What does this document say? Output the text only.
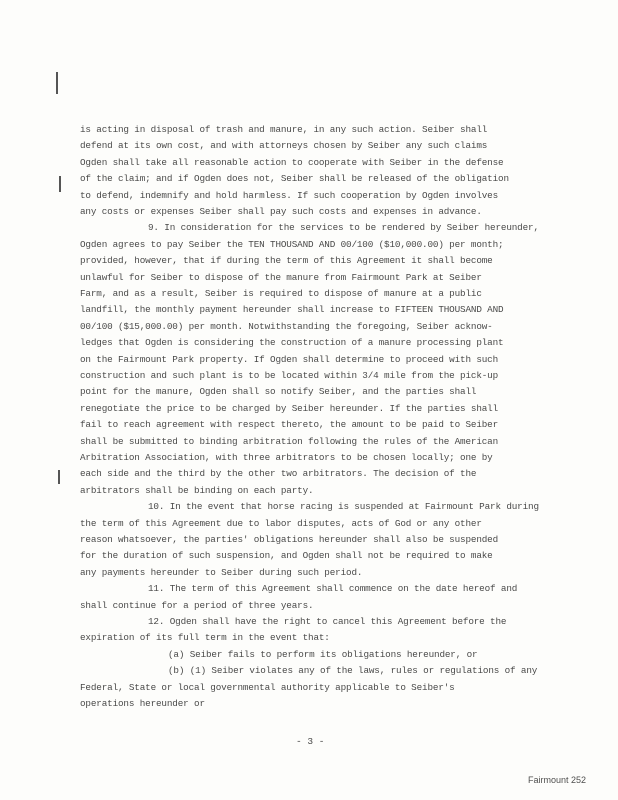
is acting in disposal of trash and manure, in any such action. Seiber shall
defend at its own cost, and with attorneys chosen by Seiber any such claims
Ogden shall take all reasonable action to cooperate with Seiber in the defense
of the claim; and if Ogden does not, Seiber shall be released of the obligation
to defend, indemnify and hold harmless. If such cooperation by Ogden involves
any costs or expenses Seiber shall pay such costs and expenses in advance.
9. In consideration for the services to be rendered by Seiber hereunder,
Ogden agrees to pay Seiber the TEN THOUSAND AND 00/100 ($10,000.00) per month;
provided, however, that if during the term of this Agreement it shall become
unlawful for Seiber to dispose of the manure from Fairmount Park at Seiber
Farm, and as a result, Seiber is required to dispose of manure at a public
landfill, the monthly payment hereunder shall increase to FIFTEEN THOUSAND AND
00/100 ($15,000.00) per month. Notwithstanding the foregoing, Seiber acknow-
ledges that Ogden is considering the construction of a manure processing plant
on the Fairmount Park property. If Ogden shall determine to proceed with such
construction and such plant is to be located within 3/4 mile from the pick-up
point for the manure, Ogden shall so notify Seiber, and the parties shall
renegotiate the price to be charged by Seiber hereunder. If the parties shall
fail to reach agreement with respect thereto, the amount to be paid to Seiber
shall be submitted to binding arbitration following the rules of the American
Arbitration Association, with three arbitrators to be chosen locally; one by
each side and the third by the other two arbitrators. The decision of the
arbitrators shall be binding on each party.
10. In the event that horse racing is suspended at Fairmount Park during
the term of this Agreement due to labor disputes, acts of God or any other
reason whatsoever, the parties' obligations hereunder shall also be suspended
for the duration of such suspension, and Ogden shall not be required to make
any payments hereunder to Seiber during such period.
11. The term of this Agreement shall commence on the date hereof and
shall continue for a period of three years.
12. Ogden shall have the right to cancel this Agreement before the
expiration of its full term in the event that:
(a) Seiber fails to perform its obligations hereunder, or
(b) (1) Seiber violates any of the laws, rules or regulations of any
Federal, State or local governmental authority applicable to Seiber's
operations hereunder or
Fairmount 252
- 3 -
